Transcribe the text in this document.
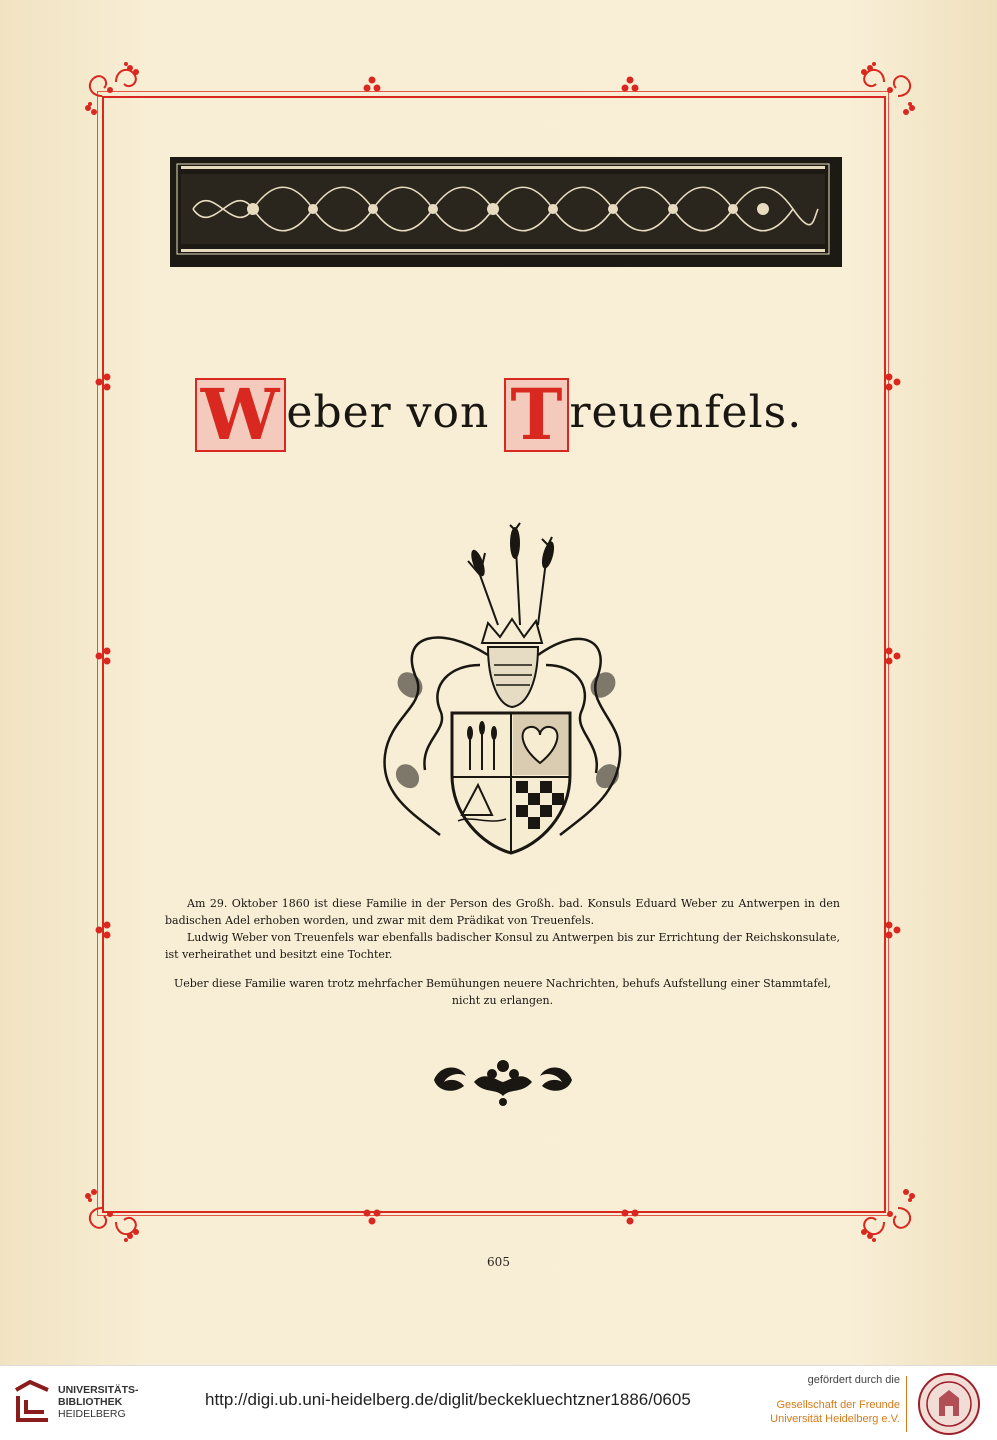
W eber von T reuenfels.

Am 29. Oktober 1860 ist diese Familie in der Person des Großh. bad. Konsuls Eduard Weber zu Antwerpen in den badischen Adel erhoben worden, und zwar mit dem Prädikat von Treuenfels.

Ludwig Weber von Treuenfels war ebenfalls badischer Konsul zu Antwerpen bis zur Errichtung der Reichskonsulate, ist verheirathet und besitzt eine Tochter.

Ueber diese Familie waren trotz mehrfacher Bemühungen neuere Nachrichten, behufs Aufstellung einer Stammtafel, nicht zu erlangen.

605
UNIVERSITÄTS-
BIBLIOTHEK
HEIDELBERG
http://digi.ub.uni-heidelberg.de/diglit/beckekluechtzner1886/0605
gefördert durch die
Gesellschaft der Freunde
Universität Heidelberg e.V.
